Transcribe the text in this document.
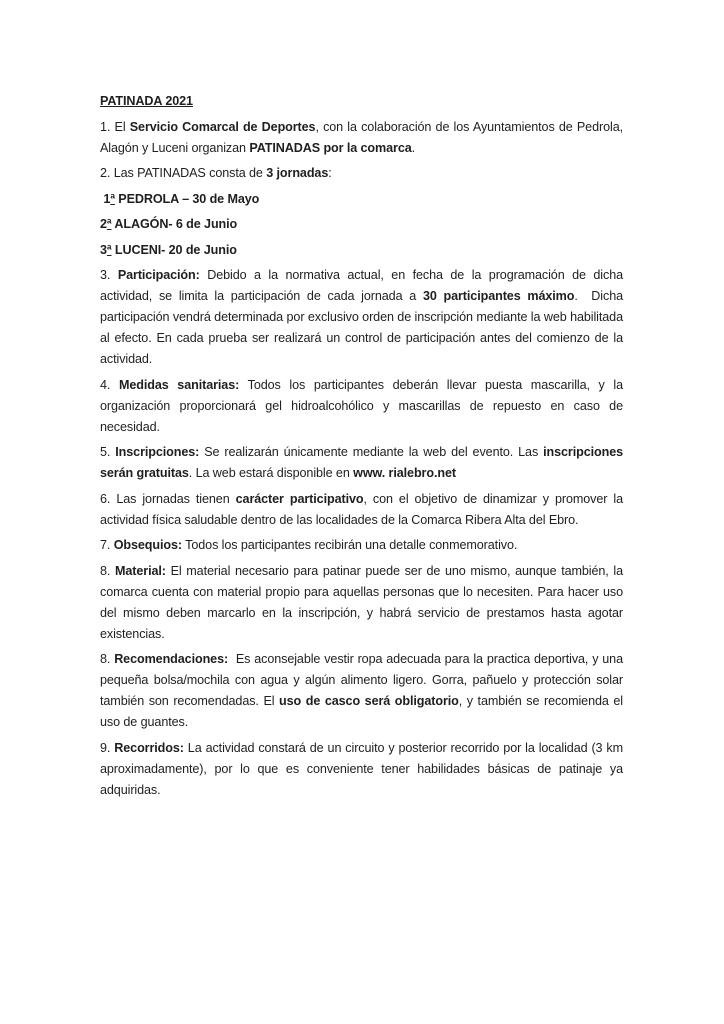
PATINADA 2021

1. El Servicio Comarcal de Deportes, con la colaboración de los Ayuntamientos de Pedrola, Alagón y Luceni organizan PATINADAS por la comarca.

2. Las PATINADAS consta de 3 jornadas:

1ª PEDROLA – 30 de Mayo

2ª ALAGÓN- 6 de Junio

3ª LUCENI- 20 de Junio

3. Participación: Debido a la normativa actual, en fecha de la programación de dicha actividad, se limita la participación de cada jornada a 30 participantes máximo.  Dicha participación vendrá determinada por exclusivo orden de inscripción mediante la web habilitada al efecto. En cada prueba ser realizará un control de participación antes del comienzo de la actividad.

4. Medidas sanitarias: Todos los participantes deberán llevar puesta mascarilla, y la organización proporcionará gel hidroalcohólico y mascarillas de repuesto en caso de necesidad.

5. Inscripciones: Se realizarán únicamente mediante la web del evento. Las inscripciones serán gratuitas. La web estará disponible en www. rialebro.net

6. Las jornadas tienen carácter participativo, con el objetivo de dinamizar y promover la actividad física saludable dentro de las localidades de la Comarca Ribera Alta del Ebro.

7. Obsequios: Todos los participantes recibirán una detalle conmemorativo.

8. Material: El material necesario para patinar puede ser de uno mismo, aunque también, la comarca cuenta con material propio para aquellas personas que lo necesiten. Para hacer uso del mismo deben marcarlo en la inscripción, y habrá servicio de prestamos hasta agotar existencias.

8. Recomendaciones:  Es aconsejable vestir ropa adecuada para la practica deportiva, y una pequeña bolsa/mochila con agua y algún alimento ligero. Gorra, pañuelo y protección solar también son recomendadas. El uso de casco será obligatorio, y también se recomienda el uso de guantes.

9. Recorridos: La actividad constará de un circuito y posterior recorrido por la localidad (3 km aproximadamente), por lo que es conveniente tener habilidades básicas de patinaje ya adquiridas.
